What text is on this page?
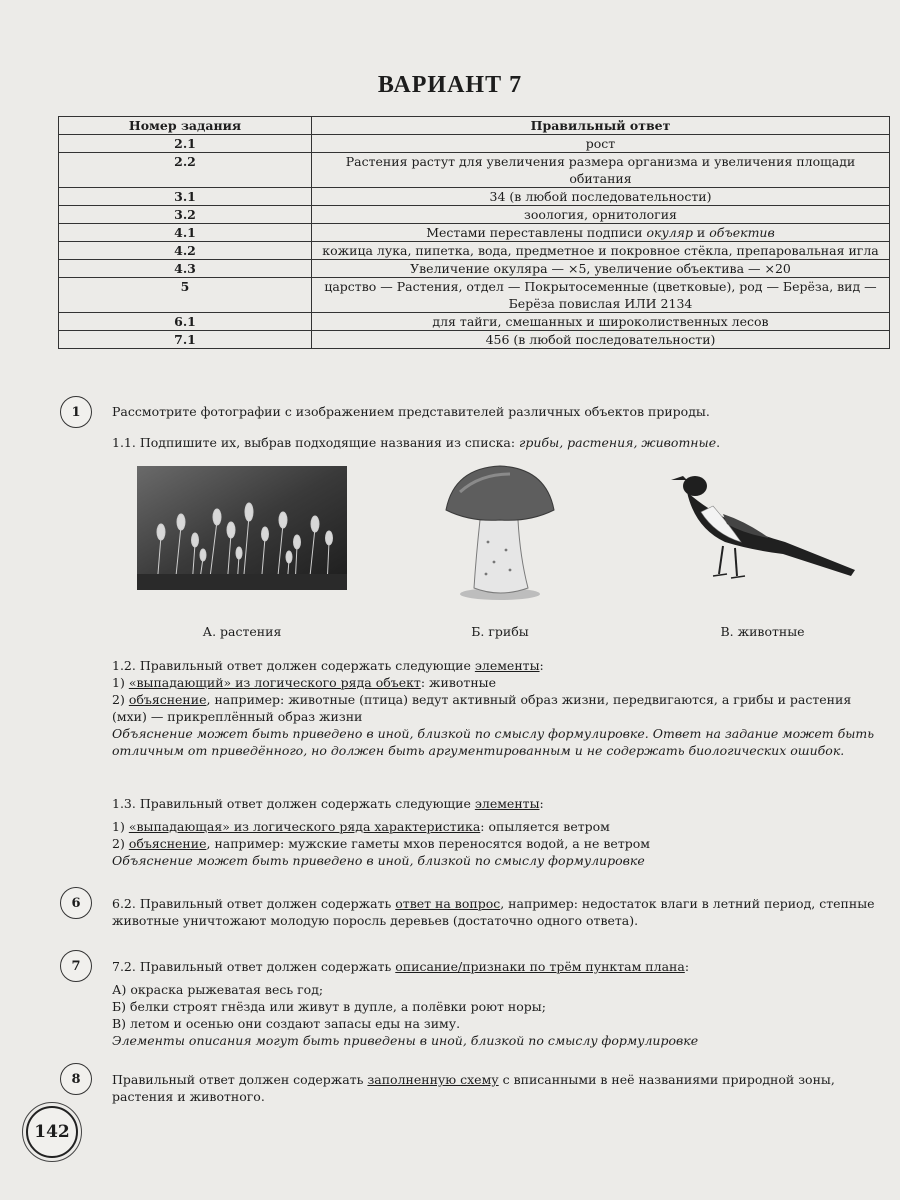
ВАРИАНТ 7
Номер задания	Правильный ответ
2.1	рост
2.2	Растения растут для увеличения размера организма и увеличения площади обитания
3.1	34 (в любой последовательности)
3.2	зоология, орнитология
4.1	Местами переставлены подписи окуляр и объектив
4.2	кожица лука, пипетка, вода, предметное и покровное стёкла, препаровальная игла
4.3	Увеличение окуляра — ×5, увеличение объектива — ×20
5	царство — Растения, отдел — Покрытосеменные (цветковые), род — Берёза, вид — Берёза повислая ИЛИ 2134
6.1	для тайги, смешанных и широколиственных лесов
7.1	456 (в любой последовательности)
1	Рассмотрите фотографии с изображением представителей различных объектов природы.
1.1. Подпишите их, выбрав подходящие названия из списка: грибы, растения, животные.
А. растения	Б. грибы	В. животные
1.2. Правильный ответ должен содержать следующие элементы:
1) «выпадающий» из логического ряда объект: животные
2) объяснение, например: животные (птица) ведут активный образ жизни, передвигаются, а грибы и растения (мхи) — прикреплённый образ жизни
Объяснение может быть приведено в иной, близкой по смыслу формулировке. Ответ на задание может быть отличным от приведённого, но должен быть аргументированным и не содержать биологических ошибок.
1.3. Правильный ответ должен содержать следующие элементы:
1) «выпадающая» из логического ряда характеристика: опыляется ветром
2) объяснение, например: мужские гаметы мхов переносятся водой, а не ветром
Объяснение может быть приведено в иной, близкой по смыслу формулировке
6	6.2. Правильный ответ должен содержать ответ на вопрос, например: недостаток влаги в летний период, степные животные уничтожают молодую поросль деревьев (достаточно одного ответа).
7	7.2. Правильный ответ должен содержать описание/признаки по трём пунктам плана:
А) окраска рыжеватая весь год;
Б) белки строят гнёзда или живут в дупле, а полёвки роют норы;
В) летом и осенью они создают запасы еды на зиму.
Элементы описания могут быть приведены в иной, близкой по смыслу формулировке
8	Правильный ответ должен содержать заполненную схему с вписанными в неё названиями природной зоны, растения и животного.
142
